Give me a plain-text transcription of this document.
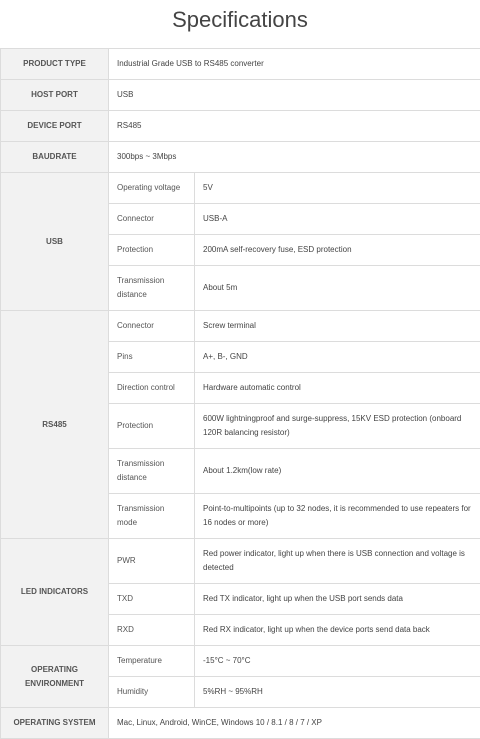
Specifications
PRODUCT TYPE	Industrial Grade USB to RS485 converter	
HOST PORT	USB	
DEVICE PORT	RS485	
BAUDRATE	300bps ~ 3Mbps	
USB	Operating voltage	5V
	Connector	USB-A
	Protection	200mA self-recovery fuse, ESD protection
	Transmission distance	About 5m
RS485	Connector	Screw terminal
	Pins	A+, B-, GND
	Direction control	Hardware automatic control
	Protection	600W lightningproof and surge-suppress, 15KV ESD protection (onboard 120R balancing resistor)
	Transmission distance	About 1.2km(low rate)
	Transmission mode	Point-to-multipoints (up to 32 nodes, it is recommended to use repeaters for 16 nodes or more)
LED INDICATORS	PWR	Red power indicator, light up when there is USB connection and voltage is detected
	TXD	Red TX indicator, light up when the USB port sends data
	RXD	Red RX indicator, light up when the device ports send data back
OPERATING ENVIRONMENT	Temperature	-15°C ~ 70°C
	Humidity	5%RH ~ 95%RH
OPERATING SYSTEM	Mac, Linux, Android, WinCE, Windows 10 / 8.1 / 8 / 7 / XP	
